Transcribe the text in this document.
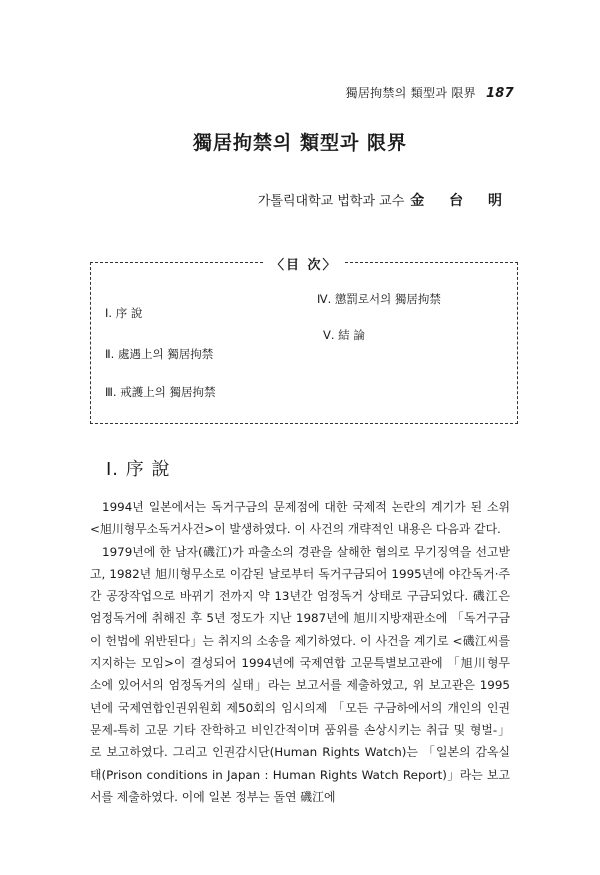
獨居拘禁의 類型과 限界 187
獨居拘禁의 類型과 限界
가톨릭대학교 법학과 교수 金 台 明
〈目 次〉
Ⅰ. 序 說
Ⅱ. 處遇上의 獨居拘禁
Ⅲ. 戒護上의 獨居拘禁
Ⅳ. 懲罰로서의 獨居拘禁
Ⅴ. 結 論
Ⅰ. 序 說

1994년 일본에서는 독거구금의 문제점에 대한 국제적 논란의 계기가 된 소위 <旭川형무소독거사건>이 발생하였다. 이 사건의 개략적인 내용은 다음과 같다.

1979년에 한 남자(磯江)가 파출소의 경관을 살해한 혐의로 무기징역을 선고받고, 1982년 旭川형무소로 이감된 날로부터 독거구금되어 1995년에 야간독거·주간 공장작업으로 바뀌기 전까지 약 13년간 엄정독거 상태로 구금되었다. 磯江은 엄정독거에 취해진 후 5년 정도가 지난 1987년에 旭川지방재판소에 「독거구금이 헌법에 위반된다」는 취지의 소송을 제기하였다. 이 사건을 계기로 <磯江씨를 지지하는 모임>이 결성되어 1994년에 국제연합 고문특별보고관에 「旭川형무소에 있어서의 엄정독거의 실태」라는 보고서를 제출하였고, 위 보고관은 1995년에 국제연합인권위원회 제50회의 임시의제 「모든 구금하에서의 개인의 인권문제-특히 고문 기타 잔학하고 비인간적이며 품위를 손상시키는 취급 및 형벌-」로 보고하였다. 그리고 인권감시단(Human Rights Watch)는 「일본의 감옥실태(Prison conditions in Japan : Human Rights Watch Report)」라는 보고서를 제출하였다. 이에 일본 정부는 돌연 磯江에
